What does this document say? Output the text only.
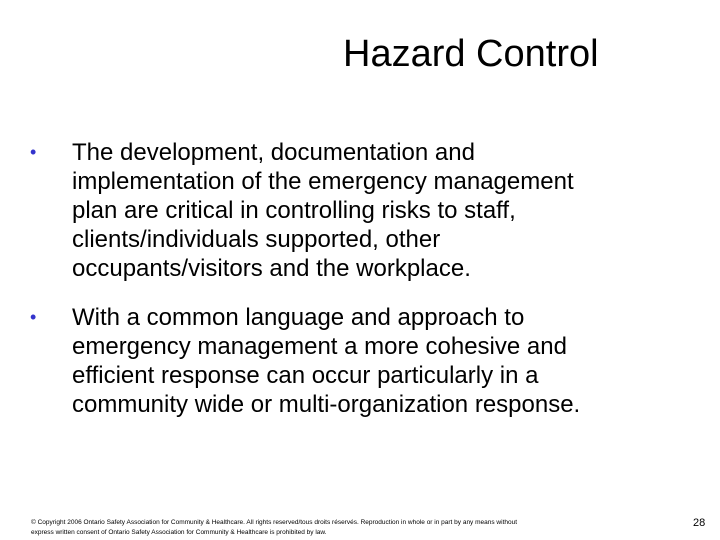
Hazard Control
•	The development, documentation and
implementation of the emergency management
plan are critical in controlling risks to staff,
clients/individuals supported, other
occupants/visitors and the workplace.
•	With a common language and approach to
emergency management a more cohesive and
efficient response can occur particularly in a
community wide or multi-organization response.
© Copyright 2006 Ontario Safety Association for Community & Healthcare. All rights reserved/tous droits réservés. Reproduction in whole or in part by any means without
express written consent of Ontario Safety Association for Community & Healthcare is prohibited by law.
28
